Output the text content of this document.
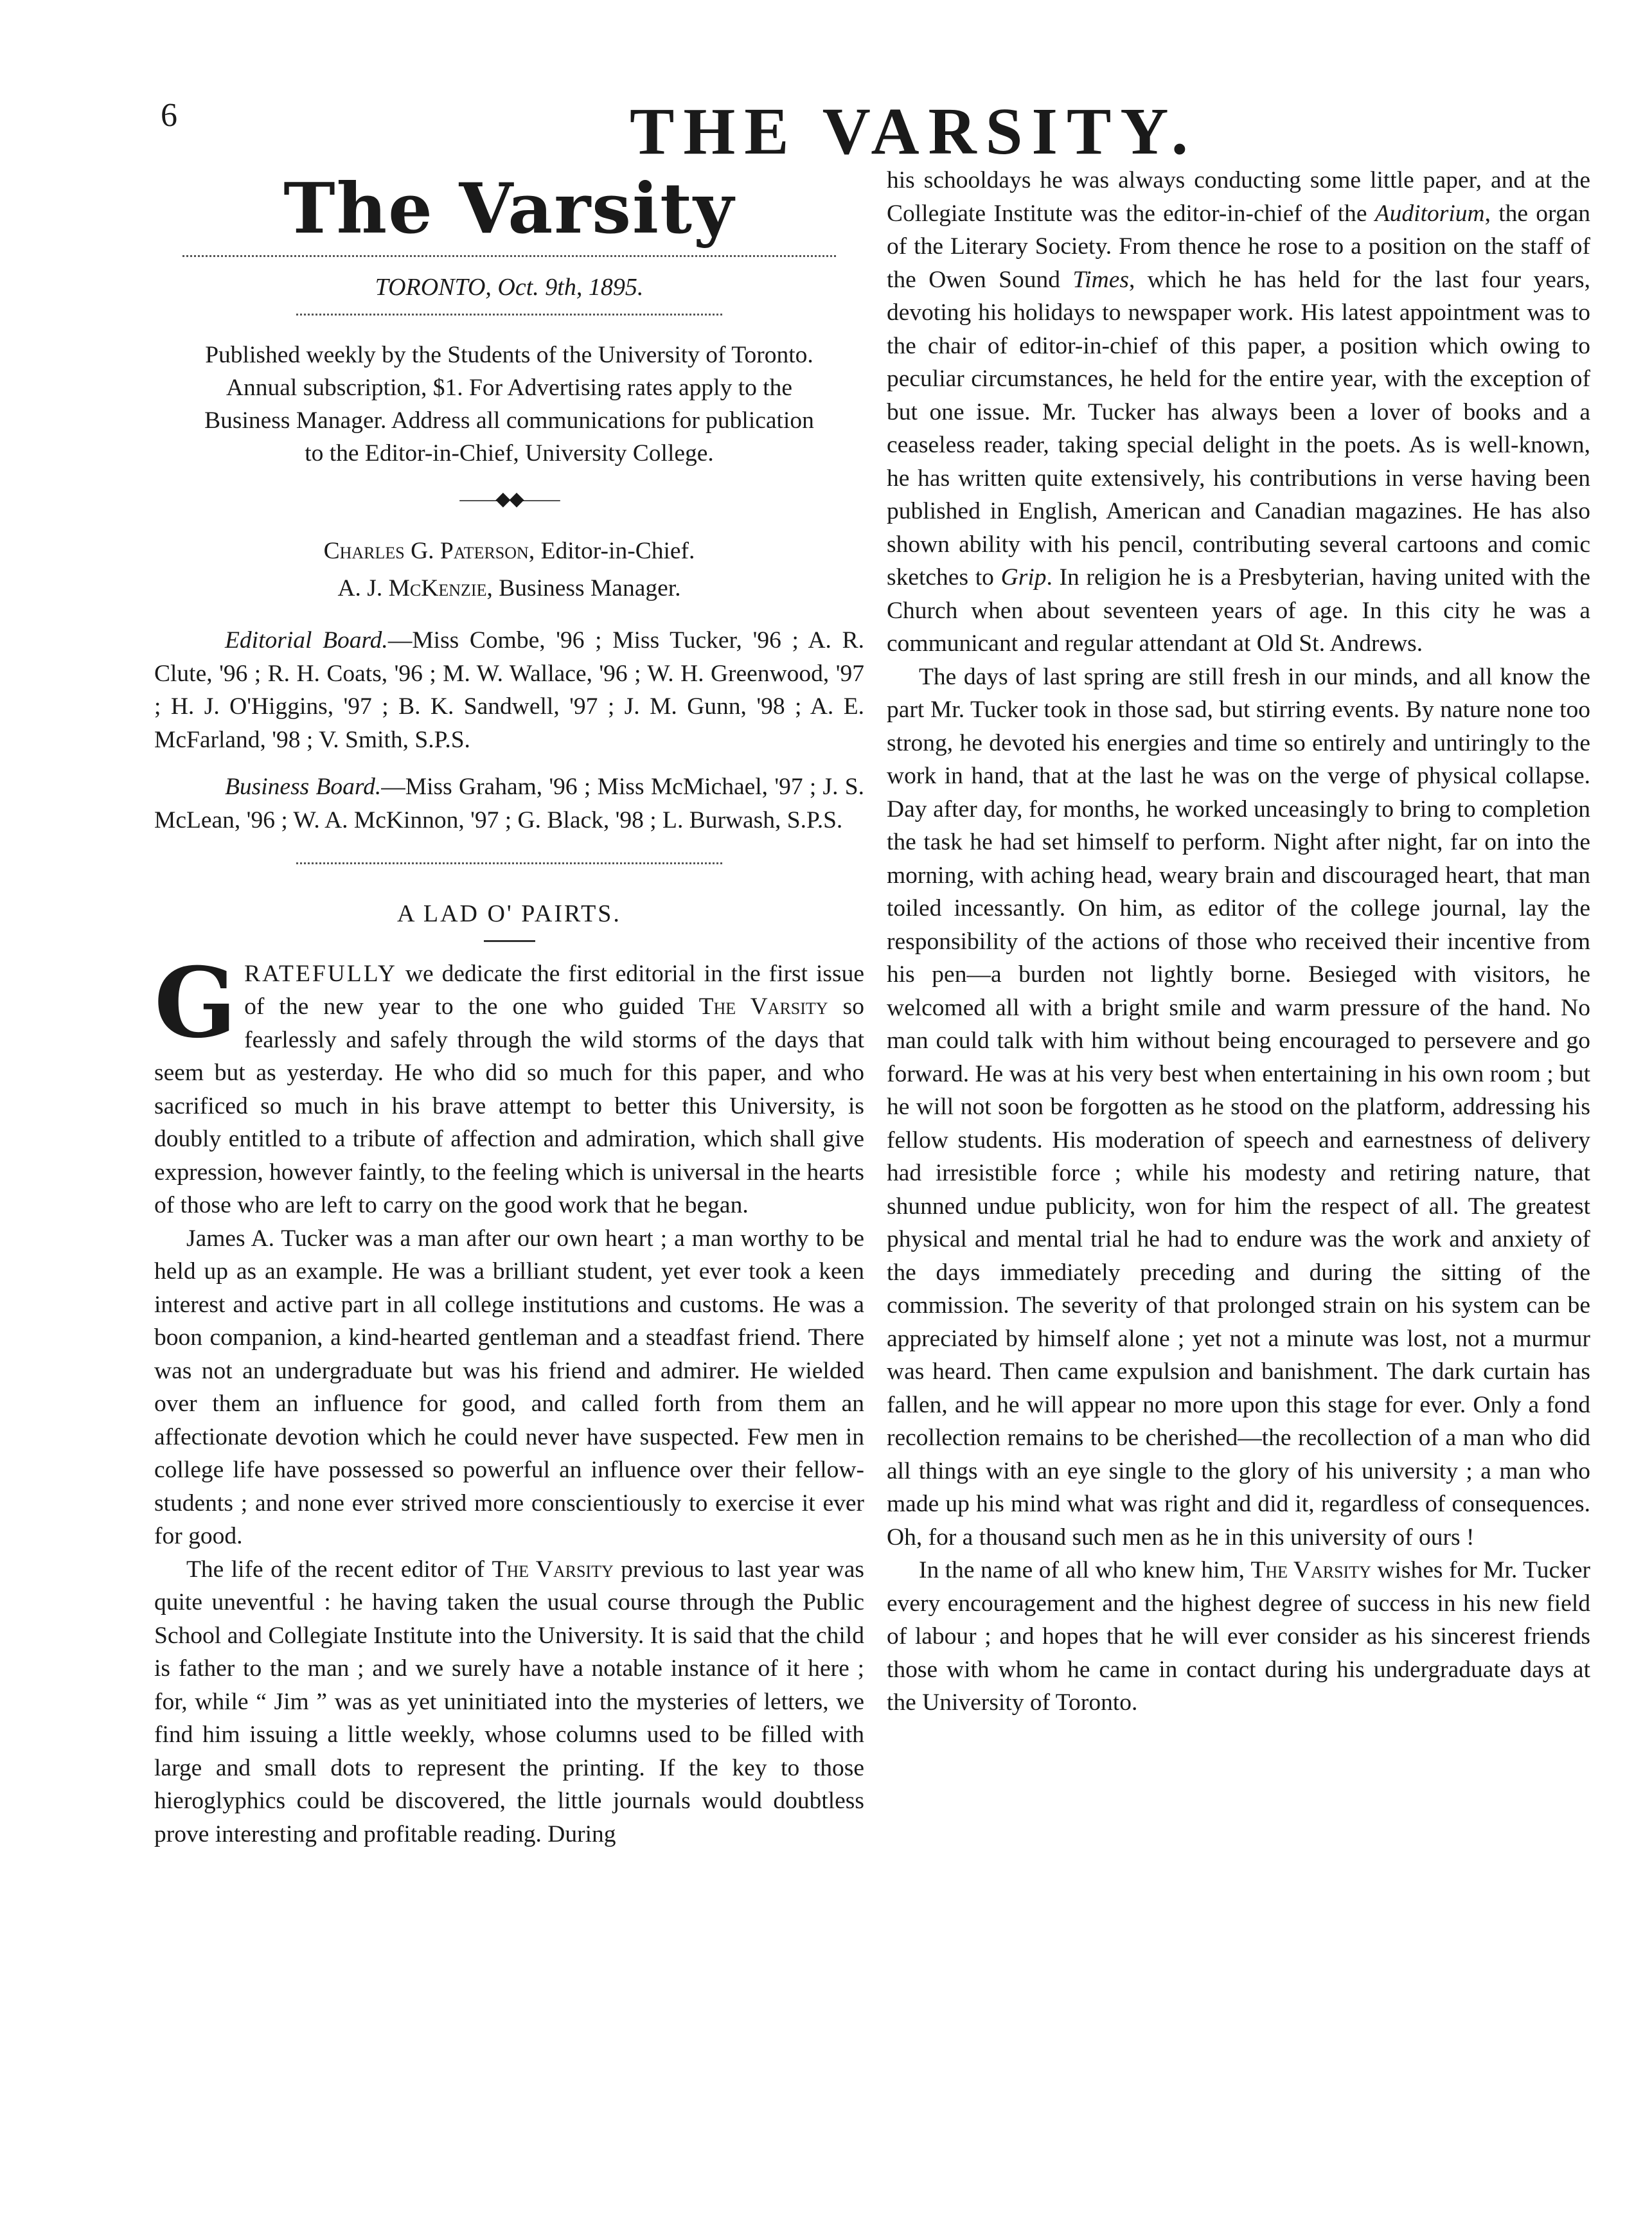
6	THE VARSITY.
The Varsity
TORONTO, Oct. 9th, 1895.

Published weekly by the Students of the University of Toronto. Annual subscription, $1. For Advertising rates apply to the Business Manager. Address all communications for publication to the Editor-in-Chief, University College.

——◆◆——

Charles G. Paterson, Editor-in-Chief.

A. J. McKenzie, Business Manager.

Editorial Board.—Miss Combe, '96 ; Miss Tucker, '96 ; A. R. Clute, '96 ; R. H. Coats, '96 ; M. W. Wallace, '96 ; W. H. Greenwood, '97 ; H. J. O'Higgins, '97 ; B. K. Sandwell, '97 ; J. M. Gunn, '98 ; A. E. McFarland, '98 ; V. Smith, S.P.S.

Business Board.—Miss Graham, '96 ; Miss McMichael, '97 ; J. S. McLean, '96 ; W. A. McKinnon, '97 ; G. Black, '98 ; L. Burwash, S.P.S.

A LAD O' PAIRTS.

GRATEFULLY we dedicate the first editorial in the first issue of the new year to the one who guided The Varsity so fearlessly and safely through the wild storms of the days that seem but as yesterday. He who did so much for this paper, and who sacrificed so much in his brave attempt to better this University, is doubly entitled to a tribute of affection and admiration, which shall give expression, however faintly, to the feeling which is universal in the hearts of those who are left to carry on the good work that he began.

James A. Tucker was a man after our own heart ; a man worthy to be held up as an example. He was a brilliant student, yet ever took a keen interest and active part in all college institutions and customs. He was a boon companion, a kind-hearted gentleman and a steadfast friend. There was not an undergraduate but was his friend and admirer. He wielded over them an influence for good, and called forth from them an affectionate devotion which he could never have suspected. Few men in college life have possessed so powerful an influence over their fellow-students ; and none ever strived more conscientiously to exercise it ever for good.

The life of the recent editor of The Varsity previous to last year was quite uneventful : he having taken the usual course through the Public School and Collegiate Institute into the University. It is said that the child is father to the man ; and we surely have a notable instance of it here ; for, while “ Jim ” was as yet uninitiated into the mysteries of letters, we find him issuing a little weekly, whose columns used to be filled with large and small dots to represent the printing. If the key to those hieroglyphics could be discovered, the little journals would doubtless prove interesting and profitable reading. During

his schooldays he was always conducting some little paper, and at the Collegiate Institute was the editor-in-chief of the Auditorium, the organ of the Literary Society. From thence he rose to a position on the staff of the Owen Sound Times, which he has held for the last four years, devoting his holidays to newspaper work. His latest appointment was to the chair of editor-in-chief of this paper, a position which owing to peculiar circumstances, he held for the entire year, with the exception of but one issue. Mr. Tucker has always been a lover of books and a ceaseless reader, taking special delight in the poets. As is well-known, he has written quite extensively, his contributions in verse having been published in English, American and Canadian magazines. He has also shown ability with his pencil, contributing several cartoons and comic sketches to Grip. In religion he is a Presbyterian, having united with the Church when about seventeen years of age. In this city he was a communicant and regular attendant at Old St. Andrews.

The days of last spring are still fresh in our minds, and all know the part Mr. Tucker took in those sad, but stirring events. By nature none too strong, he devoted his energies and time so entirely and untiringly to the work in hand, that at the last he was on the verge of physical collapse. Day after day, for months, he worked unceasingly to bring to completion the task he had set himself to perform. Night after night, far on into the morning, with aching head, weary brain and discouraged heart, that man toiled incessantly. On him, as editor of the college journal, lay the responsibility of the actions of those who received their incentive from his pen—a burden not lightly borne. Besieged with visitors, he welcomed all with a bright smile and warm pressure of the hand. No man could talk with him without being encouraged to persevere and go forward. He was at his very best when entertaining in his own room ; but he will not soon be forgotten as he stood on the platform, addressing his fellow students. His moderation of speech and earnestness of delivery had irresistible force ; while his modesty and retiring nature, that shunned undue publicity, won for him the respect of all. The greatest physical and mental trial he had to endure was the work and anxiety of the days immediately preceding and during the sitting of the commission. The severity of that prolonged strain on his system can be appreciated by himself alone ; yet not a minute was lost, not a murmur was heard. Then came expulsion and banishment. The dark curtain has fallen, and he will appear no more upon this stage for ever. Only a fond recollection remains to be cherished—the recollection of a man who did all things with an eye single to the glory of his university ; a man who made up his mind what was right and did it, regardless of consequences. Oh, for a thousand such men as he in this university of ours !

In the name of all who knew him, The Varsity wishes for Mr. Tucker every encouragement and the highest degree of success in his new field of labour ; and hopes that he will ever consider as his sincerest friends those with whom he came in contact during his undergraduate days at the University of Toronto.
